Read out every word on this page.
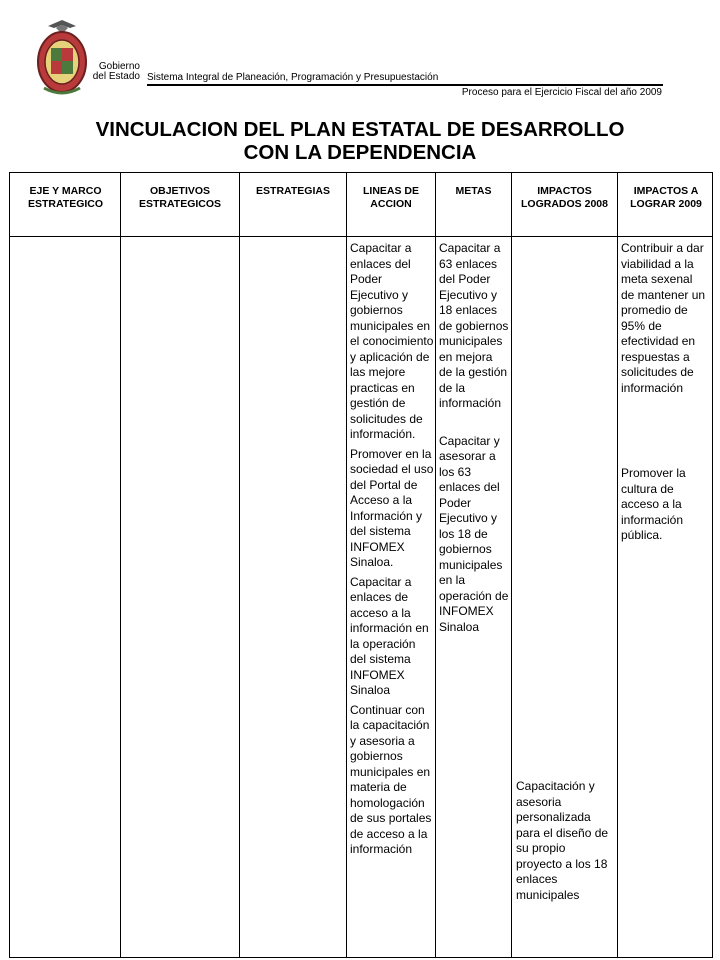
Gobierno
del Estado Sistema Integral de Planeación, Programación y Presupuestación
Proceso para el Ejercicio Fiscal del año 2009
VINCULACION DEL PLAN ESTATAL DE DESARROLLO
CON LA DEPENDENCIA
EJE Y MARCO ESTRATEGICO
OBJETIVOS ESTRATEGICOS
ESTRATEGIAS	LINEAS DE ACCION
METAS	IMPACTOS LOGRADOS 2008
IMPACTOS A LOGRAR 2009

Capacitar a enlaces del Poder Ejecutivo y gobiernos municipales en el conocimiento y aplicación de las mejore practicas en gestión de solicitudes de información.

Promover en la sociedad el uso del Portal de Acceso a la Información y del sistema INFOMEX Sinaloa.

Capacitar a enlaces de acceso a la información en la operación del sistema INFOMEX Sinaloa

Continuar con la capacitación y asesoria a gobiernos municipales en materia de homologación de sus portales de acceso a la información

Capacitar a 63 enlaces del Poder Ejecutivo y 18 enlaces de gobiernos municipales en mejora de la gestión de la información

Capacitar y asesorar a los 63 enlaces del Poder Ejecutivo y los 18 de gobiernos municipales en la operación de INFOMEX Sinaloa

Capacitación y asesoria personalizada para el diseño de su propio proyecto a los 18 enlaces municipales

Contribuir a dar viabilidad a la meta sexenal de mantener un promedio de 95% de efectividad en respuestas a solicitudes de información

Promover la cultura de acceso a la información pública.
